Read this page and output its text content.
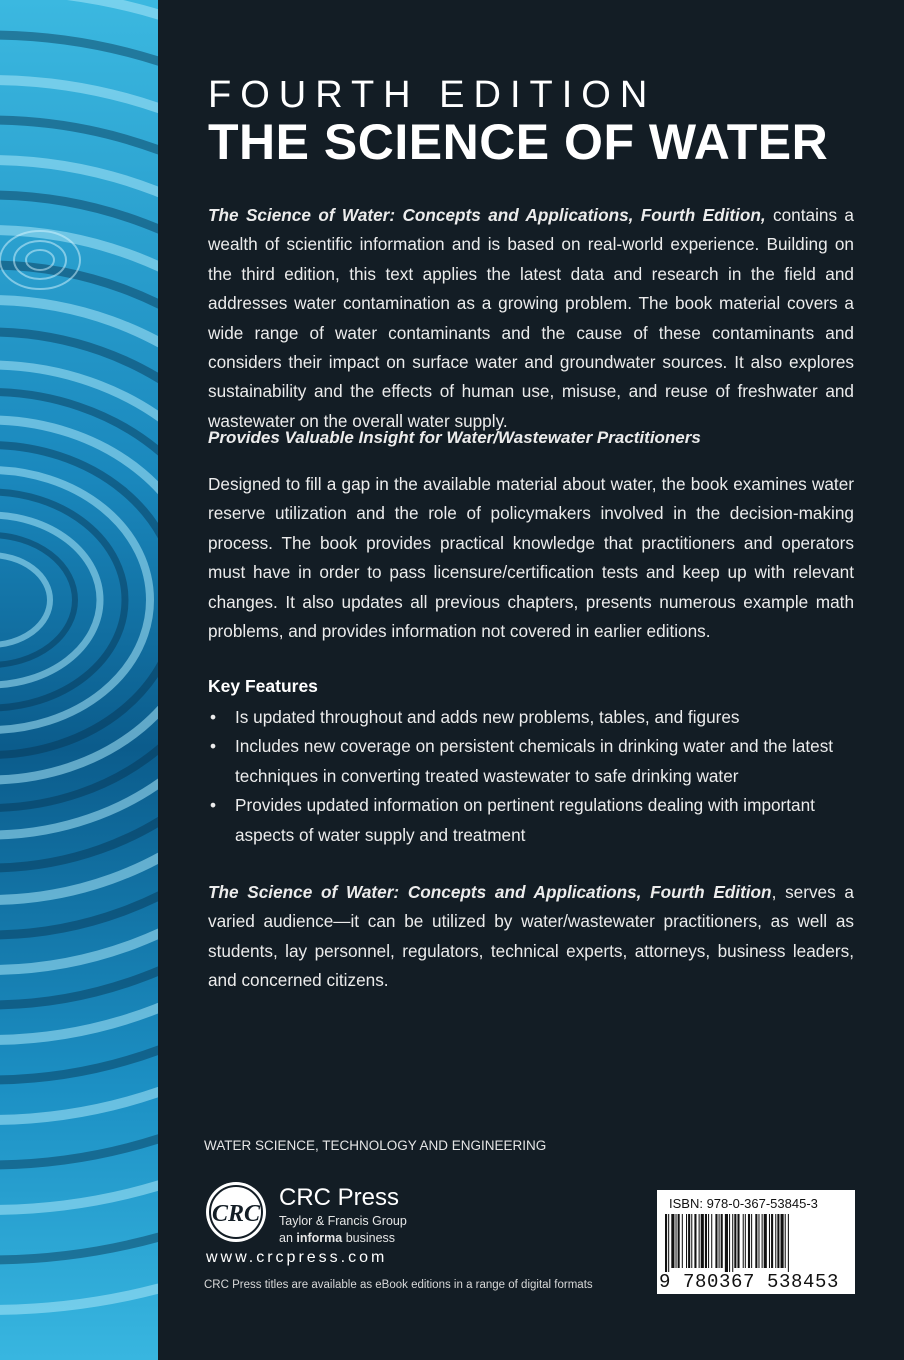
FOURTH EDITION
THE SCIENCE OF WATER
The Science of Water: Concepts and Applications, Fourth Edition, contains a wealth of scientific information and is based on real-world experience. Building on the third edition, this text applies the latest data and research in the field and addresses water contamination as a growing problem. The book material covers a wide range of water contaminants and the cause of these contaminants and considers their impact on surface water and groundwater sources. It also explores sustainability and the effects of human use, misuse, and reuse of freshwater and wastewater on the overall water supply.
Provides Valuable Insight for Water/Wastewater Practitioners
Designed to fill a gap in the available material about water, the book examines water reserve utilization and the role of policymakers involved in the decision-making process. The book provides practical knowledge that practitioners and operators must have in order to pass licensure/certification tests and keep up with relevant changes. It also updates all previous chapters, presents numerous example math problems, and provides information not covered in earlier editions.
Key Features
• Is updated throughout and adds new problems, tables, and figures
• Includes new coverage on persistent chemicals in drinking water and the latest techniques in converting treated wastewater to safe drinking water
• Provides updated information on pertinent regulations dealing with important aspects of water supply and treatment
The Science of Water: Concepts and Applications, Fourth Edition, serves a varied audience—it can be utilized by water/wastewater practitioners, as well as students, lay personnel, regulators, technical experts, attorneys, business leaders, and concerned citizens.
WATER SCIENCE, TECHNOLOGY AND ENGINEERING
CRC
CRC Press
Taylor & Francis Group
an informa business
www.crcpress.com
CRC Press titles are available as eBook editions in a range of digital formats
ISBN: 978-0-367-53845-3
9 780367 538453
